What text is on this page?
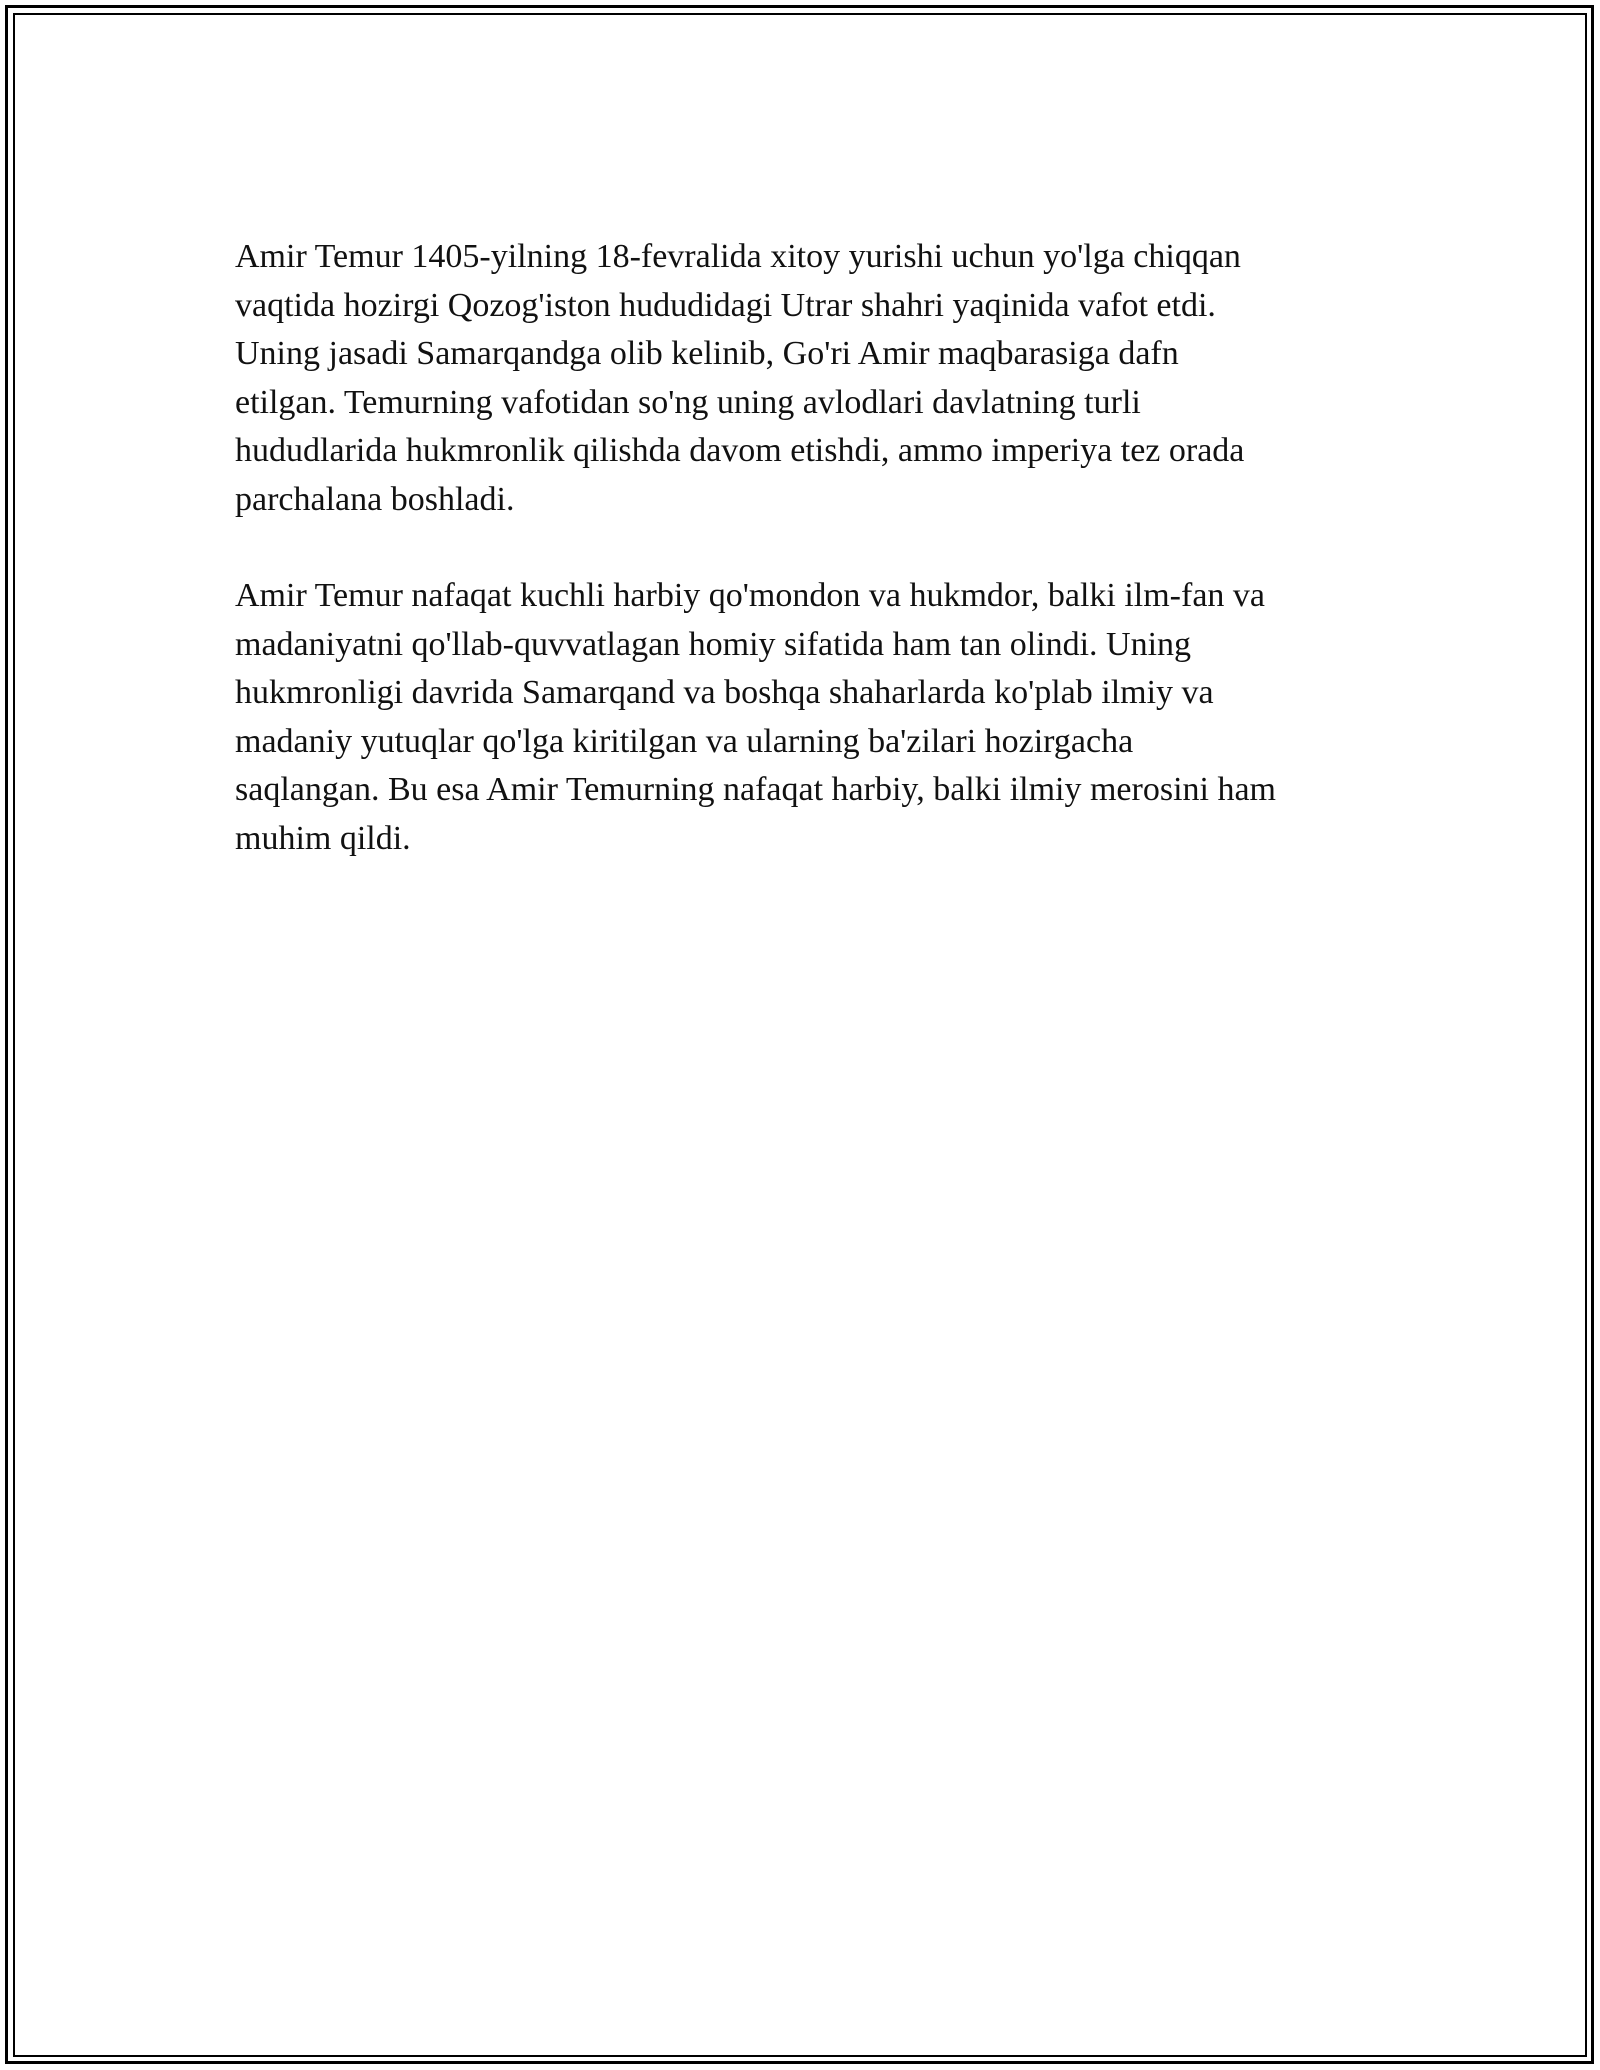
Amir Temur 1405-yilning 18-fevralida xitoy yurishi uchun yo'lga chiqqan
vaqtida hozirgi Qozog'iston hududidagi Utrar shahri yaqinida vafot etdi.
Uning jasadi Samarqandga olib kelinib, Go'ri Amir maqbarasiga dafn
etilgan. Temurning vafotidan so'ng uning avlodlari davlatning turli
hududlarida hukmronlik qilishda davom etishdi, ammo imperiya tez orada
parchalana boshladi.

Amir Temur nafaqat kuchli harbiy qo'mondon va hukmdor, balki ilm-fan va
madaniyatni qo'llab-quvvatlagan homiy sifatida ham tan olindi. Uning
hukmronligi davrida Samarqand va boshqa shaharlarda ko'plab ilmiy va
madaniy yutuqlar qo'lga kiritilgan va ularning ba'zilari hozirgacha
saqlangan. Bu esa Amir Temurning nafaqat harbiy, balki ilmiy merosini ham
muhim qildi.
